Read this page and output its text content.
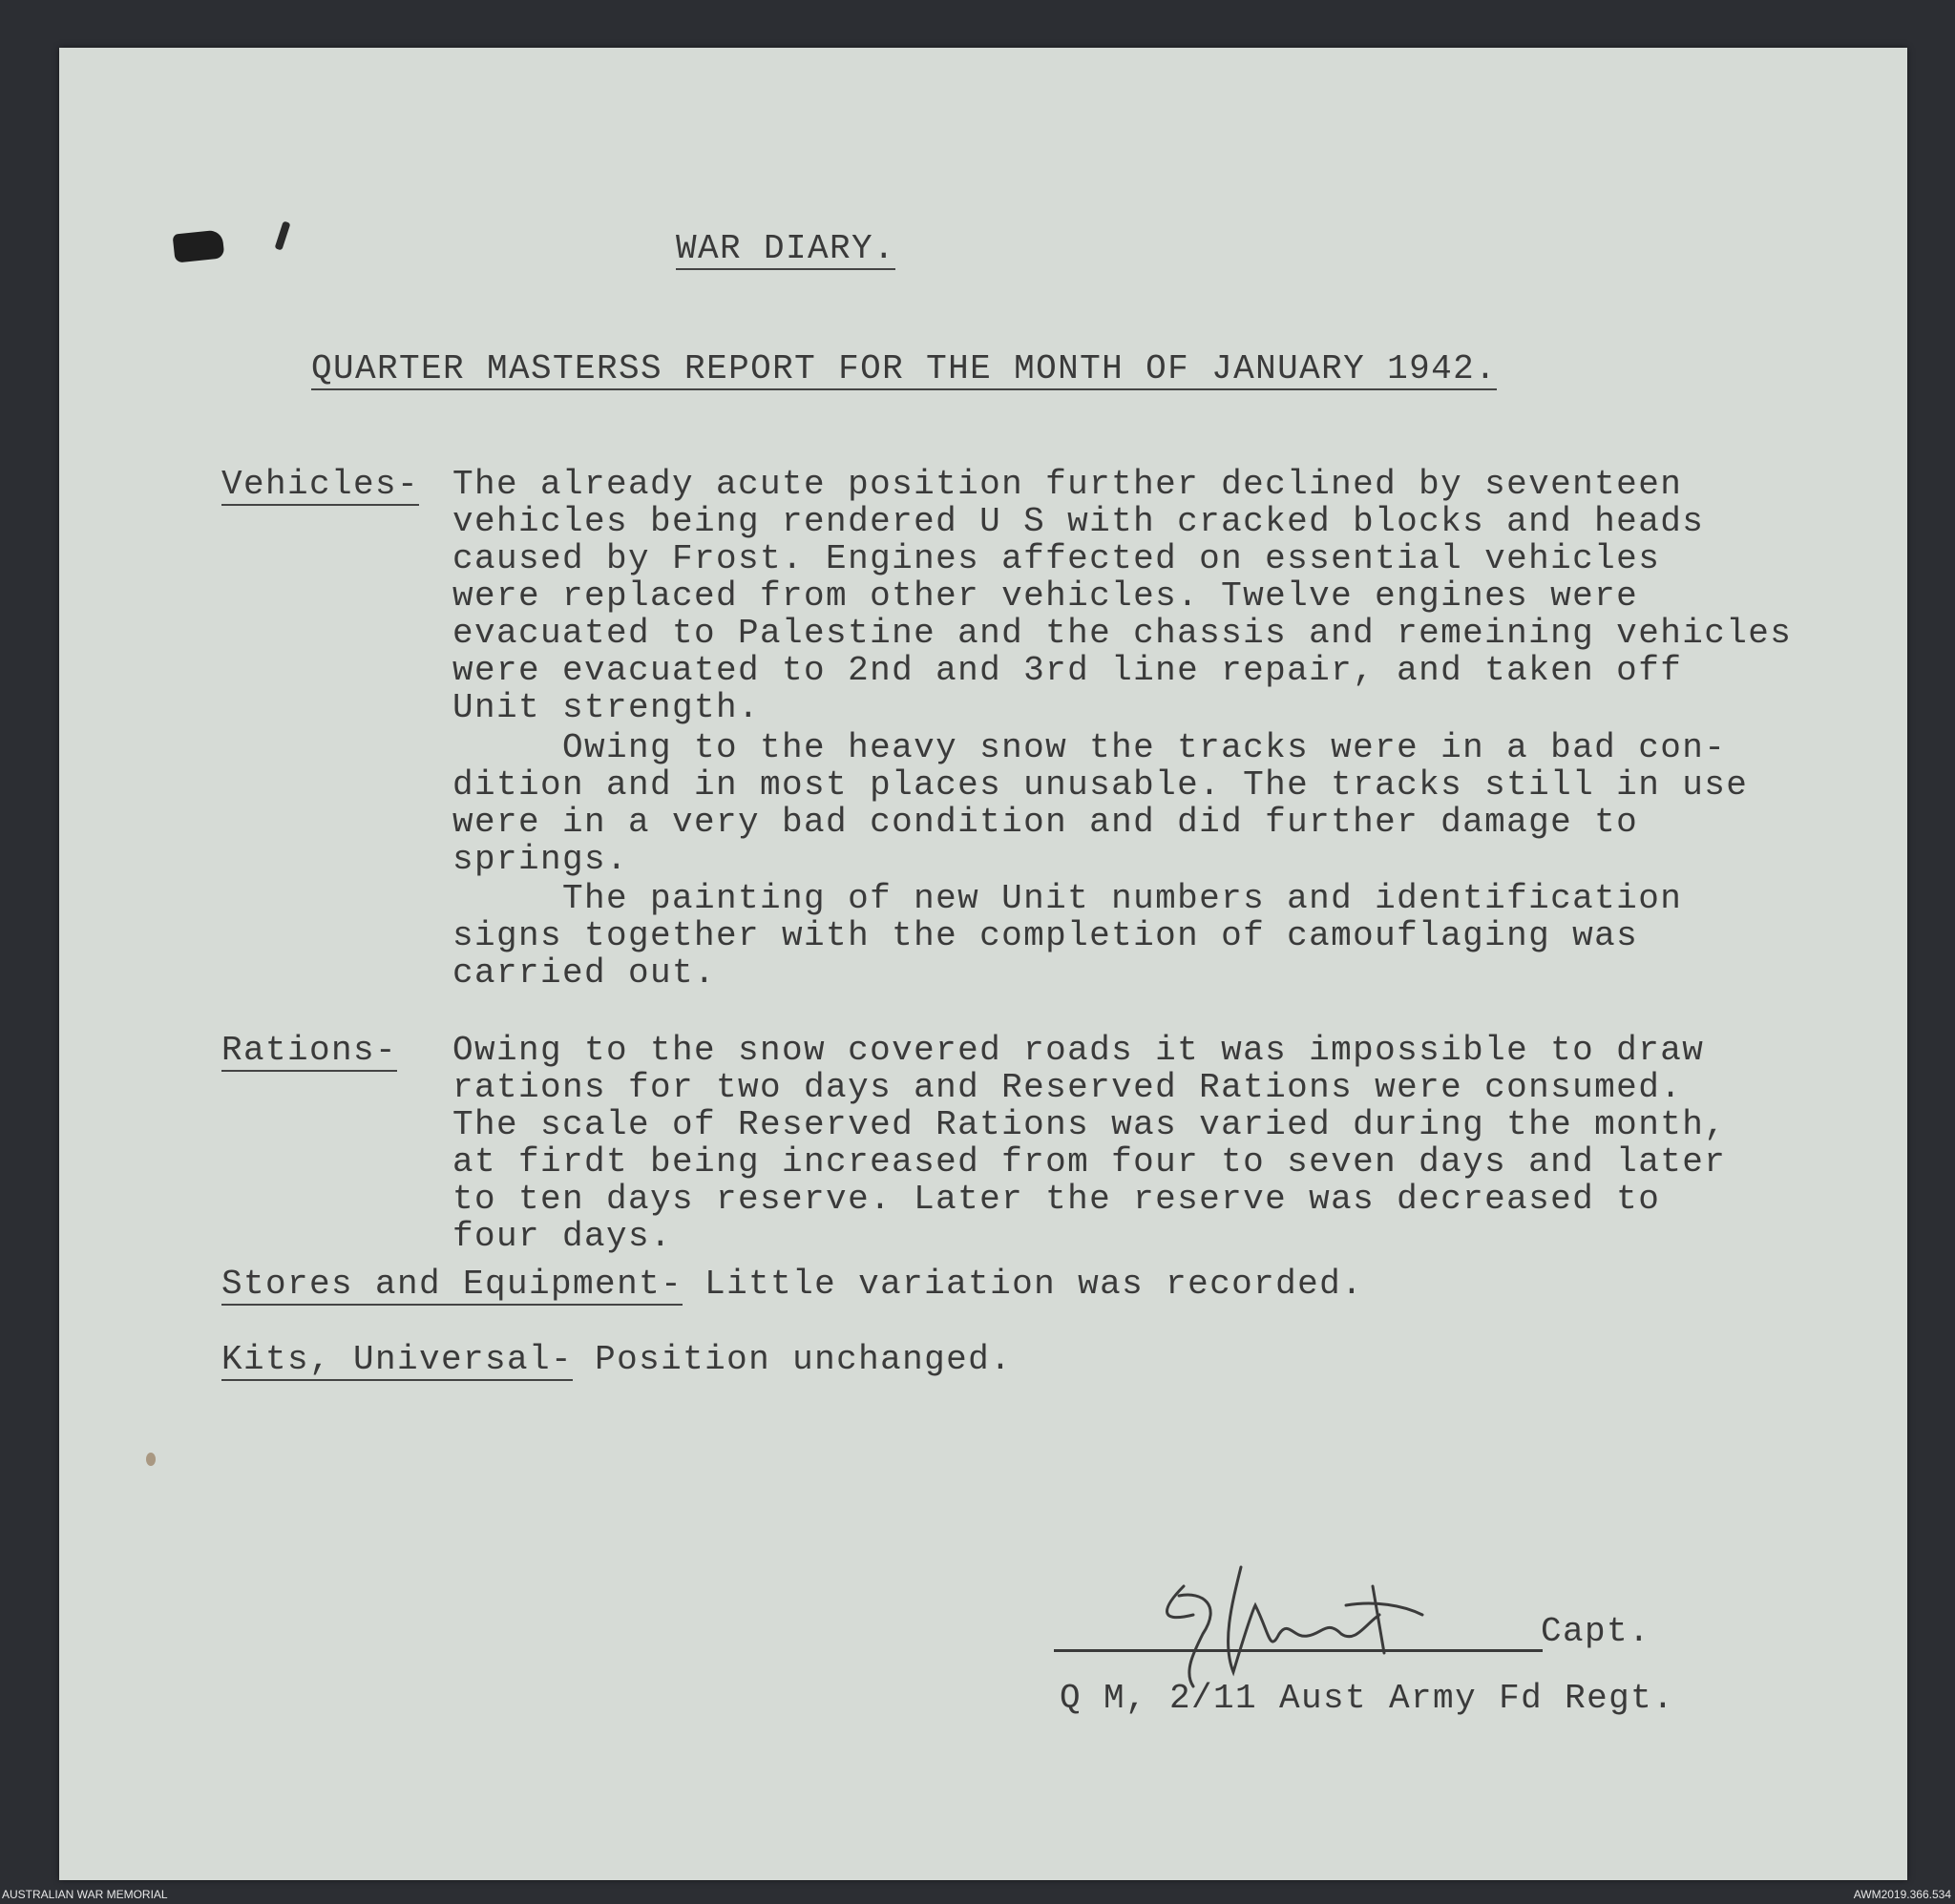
WAR DIARY.
QUARTER MASTERSS REPORT FOR THE MONTH OF JANUARY 1942.
Vehicles- The already acute position further declined by seventeen
vehicles being rendered U S with cracked blocks and heads
caused by Frost. Engines affected on essential vehicles
were replaced from other vehicles. Twelve engines were
evacuated to Palestine and the chassis and remeining vehicles
were evacuated to 2nd and 3rd line repair, and taken off
Unit strength.
Owing to the heavy snow the tracks were in a bad con-
dition and in most places unusable. The tracks still in use
were in a very bad condition and did further damage to
springs.
The painting of new Unit numbers and identification
signs together with the completion of camouflaging was
carried out.
Rations- Owing to the snow covered roads it was impossible to draw
rations for two days and Reserved Rations were consumed.
The scale of Reserved Rations was varied during the month,
at firdt being increased from four to seven days and later
to ten days reserve. Later the reserve was decreased to
four days.
Stores and Equipment- Little variation was recorded.
Kits, Universal- Position unchanged.
Capt.
Q M, 2/11 Aust Army Fd Regt.
AUSTRALIAN WAR MEMORIAL	AWM2019.366.534
